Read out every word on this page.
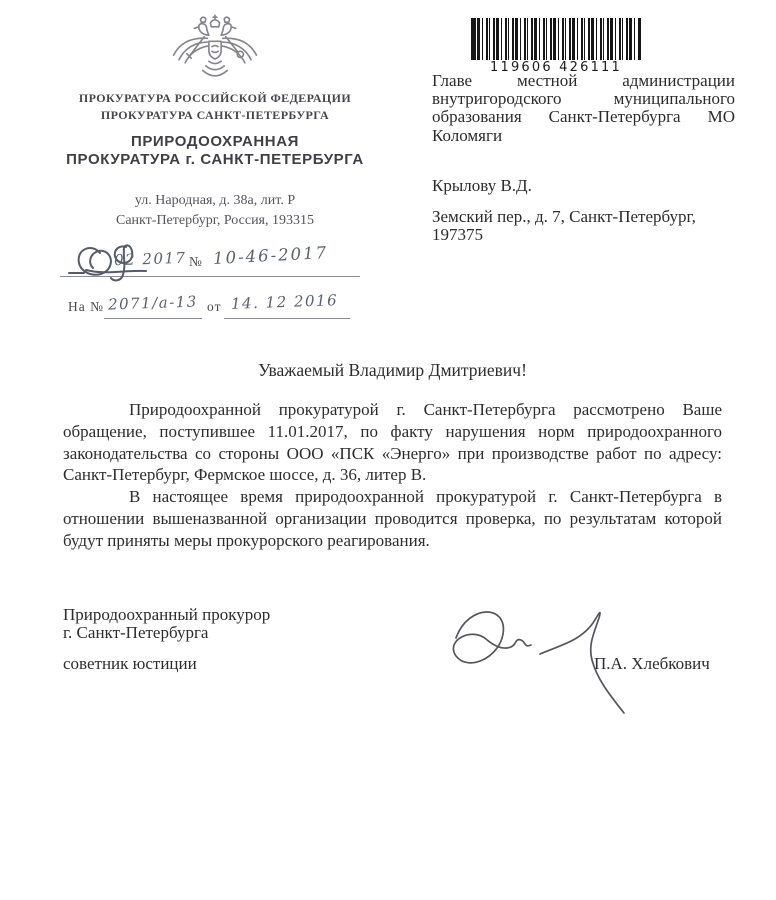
ПРОКУРАТУРА РОССИЙСКОЙ ФЕДЕРАЦИИ
ПРОКУРАТУРА САНКТ-ПЕТЕРБУРГА
ПРИРОДООХРАННАЯ
ПРОКУРАТУРА г. САНКТ-ПЕТЕРБУРГА
ул. Народная, д. 38а, лит. Р
Санкт-Петербург, Россия, 193315
119606 426111

Главе местной администрации внутригородского муниципального образования Санкт-Петербурга МО Коломяги

Крылову В.Д.

Земский пер., д. 7, Санкт-Петербург, 197375

02 2017 № 10-46-2017
На № 2071/а-13 от 14. 12 2016
Уважаемый Владимир Дмитриевич!

Природоохранной прокуратурой г. Санкт-Петербурга рассмотрено Ваше обращение, поступившее 11.01.2017, по факту нарушения норм природоохранного законодательства со стороны ООО «ПСК «Энерго» при производстве работ по адресу: Санкт-Петербург, Фермское шоссе, д. 36, литер В.

В настоящее время природоохранной прокуратурой г. Санкт-Петербурга в отношении вышеназванной организации проводится проверка, по результатам которой будут приняты меры прокурорского реагирования.

Природоохранный прокурор
г. Санкт-Петербурга
советник юстиции	П.А. Хлебкович
